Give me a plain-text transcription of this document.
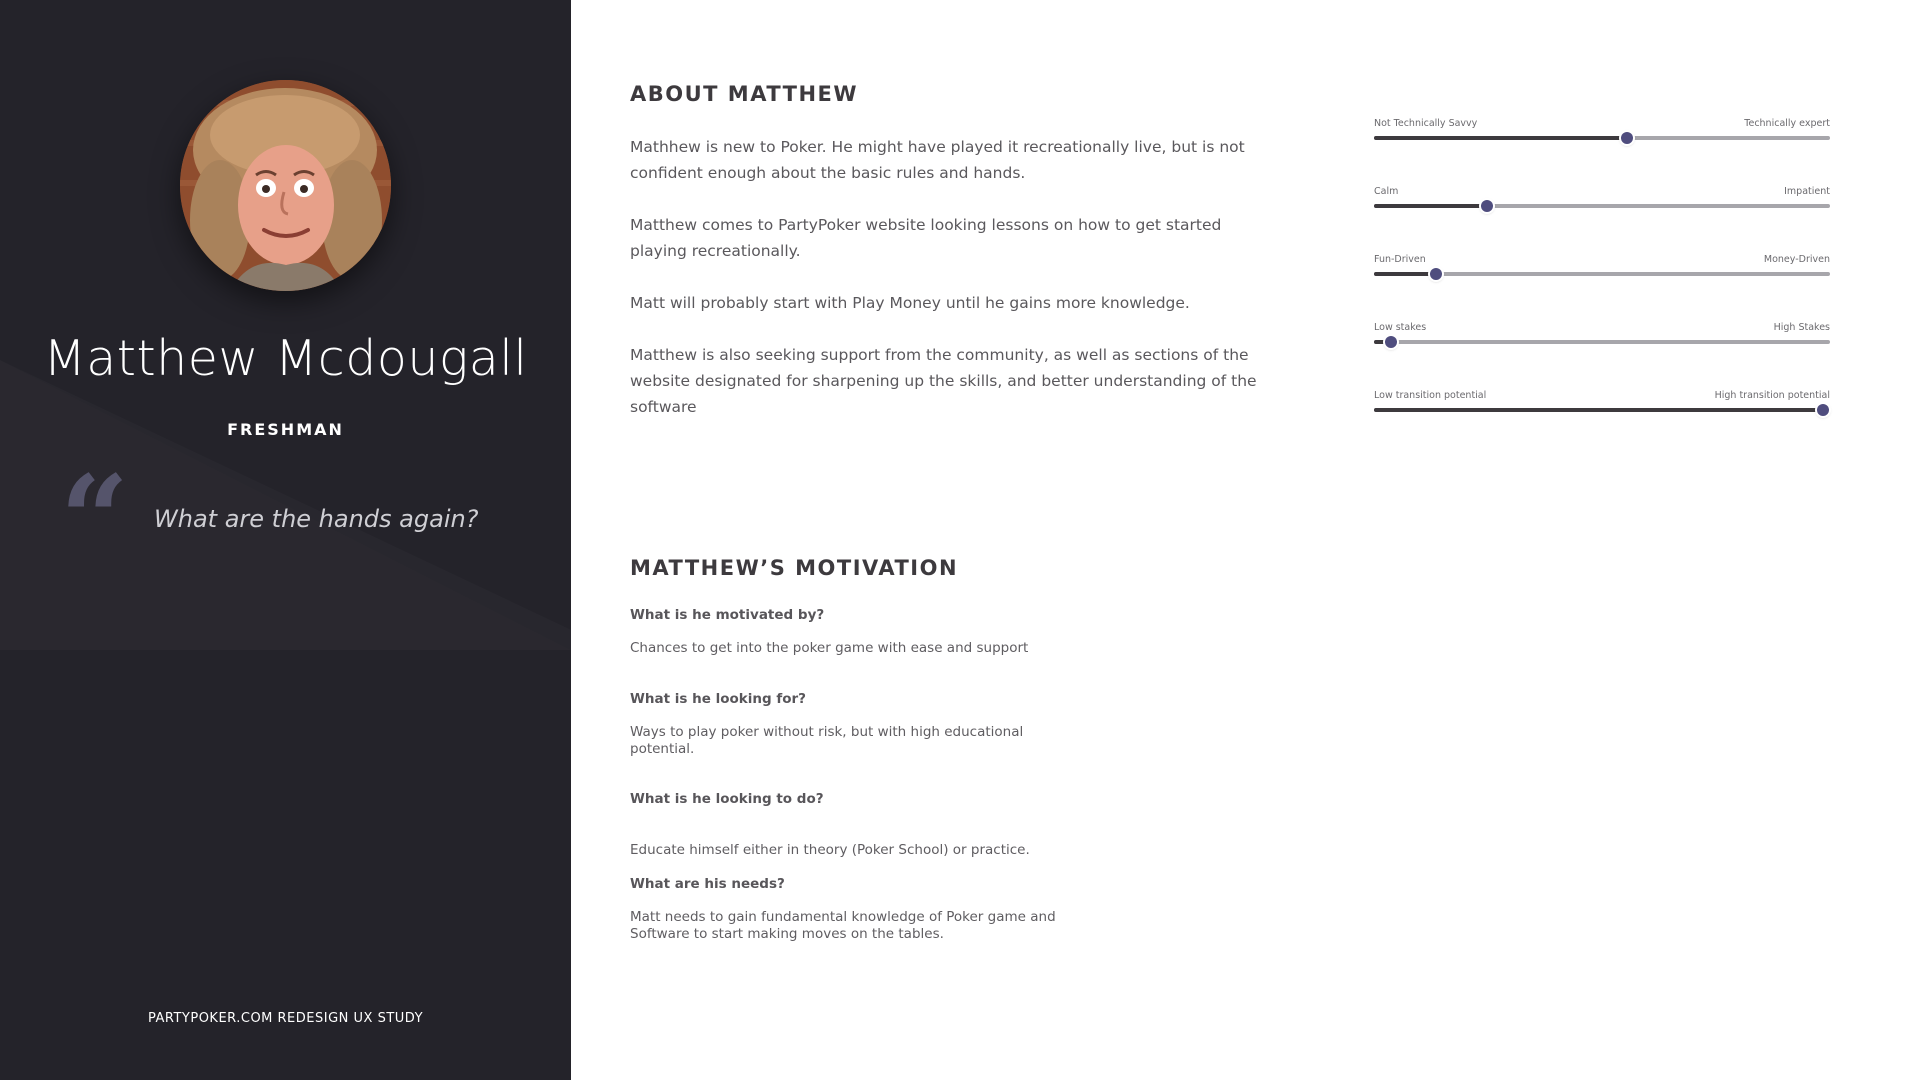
Matthew Mcdougall
FRESHMAN
“ What are the hands again?
PARTYPOKER.COM REDESIGN UX STUDY
ABOUT MATTHEW
Mathhew is new to Poker. He might have played it recreationally live, but is not confident enough about the basic rules and hands.
Matthew comes to PartyPoker website looking lessons on how to get started playing recreationally.
Matt will probably start with Play Money until he gains more knowledge.
Matthew is also seeking support from the community, as well as sections of the website designated for sharpening up the skills, and better understanding of the software
MATTHEW’S MOTIVATION
What is he motivated by?
Chances to get into the poker game with ease and support
What is he looking for?
Ways to play poker without risk, but with high educational potential.
What is he looking to do?
Educate himself either in theory (Poker School) or practice.
What are his needs?
Matt needs to gain fundamental knowledge of Poker game and Software to start making moves on the tables.
Not Technically Savvy	Technically expert
Calm	Impatient
Fun-Driven	Money-Driven
Low stakes	High Stakes
Low transition potential	High transition potential
